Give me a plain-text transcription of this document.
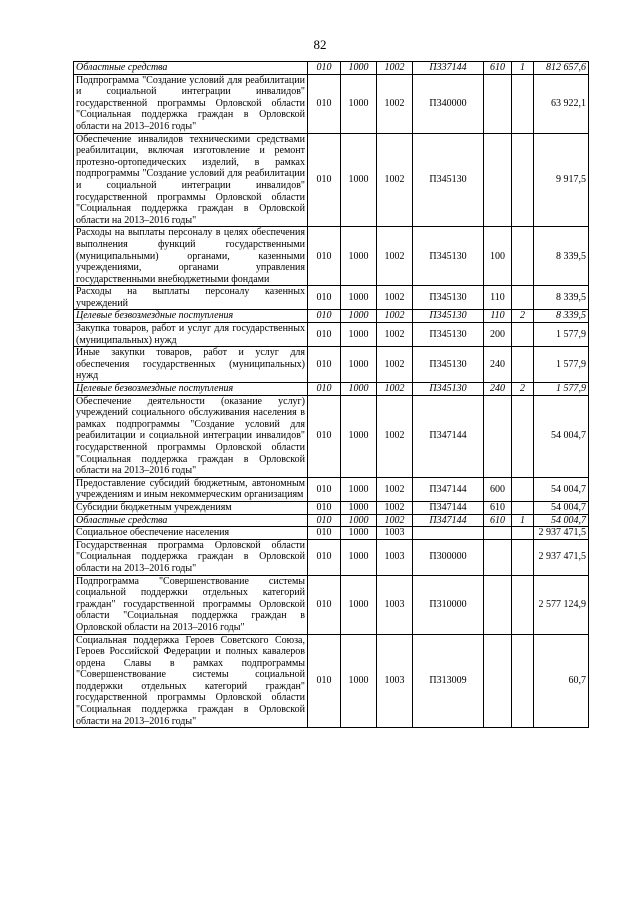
82
Областные средства	010	1000	1002	П337144	610	1	812 657,6
Подпрограмма "Создание условий для реабилитации и социальной интеграции инвалидов" государственной программы Орловской области "Социальная поддержка граждан в Орловской области на 2013–2016 годы"	010	1000	1002	П340000			63 922,1
Обеспечение инвалидов техническими средствами реабилитации, включая изготовление и ремонт протезно-ортопедических изделий, в рамках подпрограммы "Создание условий для реабилитации и социальной интеграции инвалидов" государственной программы Орловской области "Социальная поддержка граждан в Орловской области на 2013–2016 годы"	010	1000	1002	П345130			9 917,5
Расходы на выплаты персоналу в целях обеспечения выполнения функций государственными (муниципальными) органами, казенными учреждениями, органами управления государственными внебюджетными фондами	010	1000	1002	П345130	100		8 339,5
Расходы на выплаты персоналу казенных учреждений	010	1000	1002	П345130	110		8 339,5
Целевые безвозмездные поступления	010	1000	1002	П345130	110	2	8 339,5
Закупка товаров, работ и услуг для государственных (муниципальных) нужд	010	1000	1002	П345130	200		1 577,9
Иные закупки товаров, работ и услуг для обеспечения государственных (муниципальных) нужд	010	1000	1002	П345130	240		1 577,9
Целевые безвозмездные поступления	010	1000	1002	П345130	240	2	1 577,9
Обеспечение деятельности (оказание услуг) учреждений социального обслуживания населения в рамках подпрограммы "Создание условий для реабилитации и социальной интеграции инвалидов" государственной программы Орловской области "Социальная поддержка граждан в Орловской области на 2013–2016 годы"	010	1000	1002	П347144			54 004,7
Предоставление субсидий бюджетным, автономным учреждениям и иным некоммерческим организациям	010	1000	1002	П347144	600		54 004,7
Субсидии бюджетным учреждениям	010	1000	1002	П347144	610		54 004,7
Областные средства	010	1000	1002	П347144	610	1	54 004,7
Социальное обеспечение населения	010	1000	1003				2 937 471,5
Государственная программа Орловской области "Социальная поддержка граждан в Орловской области на 2013–2016 годы"	010	1000	1003	П300000			2 937 471,5
Подпрограмма "Совершенствование системы социальной поддержки отдельных категорий граждан" государственной программы Орловской области "Социальная поддержка граждан в Орловской области на 2013–2016 годы"	010	1000	1003	П310000			2 577 124,9
Социальная поддержка Героев Советского Союза, Героев Российской Федерации и полных кавалеров ордена Славы в рамках подпрограммы "Совершенствование системы социальной поддержки отдельных категорий граждан" государственной программы Орловской области "Социальная поддержка граждан в Орловской области на 2013–2016 годы"	010	1000	1003	П313009			60,7
